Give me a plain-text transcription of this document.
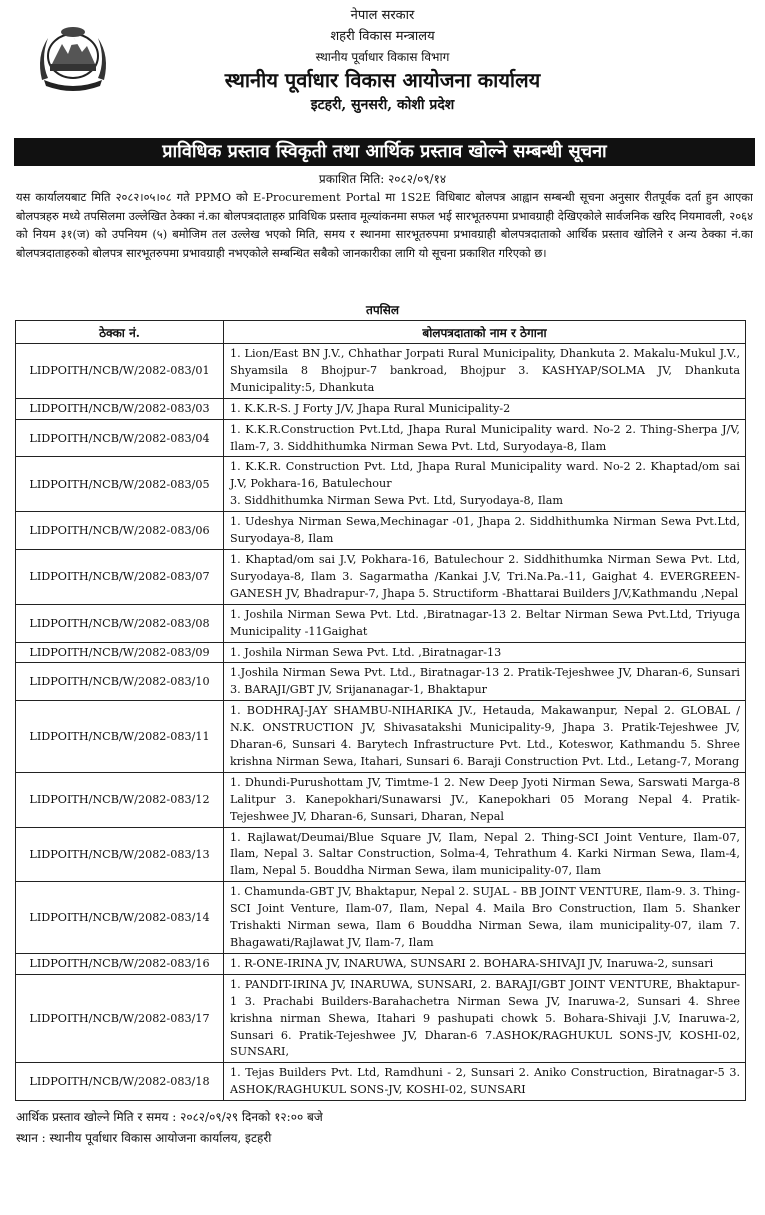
नेपाल सरकार
शहरी विकास मन्त्रालय
स्थानीय पूर्वाधार विकास विभाग
स्थानीय पूर्वाधार विकास आयोजना कार्यालय
इटहरी, सुनसरी, कोशी प्रदेश
प्राविधिक प्रस्ताव स्विकृती तथा आर्थिक प्रस्ताव खोल्ने सम्बन्धी सूचना
प्रकाशित मिति: २०८२/०९/१४
यस कार्यालयबाट मिति २०८२।०५।०८ गते PPMO को E-Procurement Portal मा 1S2E विधिबाट बोलपत्र आह्वान सम्बन्धी सूचना अनुसार रीतपूर्वक दर्ता हुन आएका बोलपत्रहरु मध्ये तपसिलमा उल्लेखित ठेक्का नं.का बोलपत्रदाताहरु प्राविधिक प्रस्ताव मूल्यांकनमा सफल भई सारभूतरुपमा प्रभावग्राही देखिएकोले सार्वजनिक खरिद नियमावली, २०६४ को नियम ३१(ज) को उपनियम (५) बमोजिम तल उल्लेख भएको मिति, समय र स्थानमा सारभूतरुपमा प्रभावग्राही बोलपत्रदाताको आर्थिक प्रस्ताव खोलिने र अन्य ठेक्का नं.का बोलपत्रदाताहरुको बोलपत्र सारभूतरुपमा प्रभावग्राही नभएकोले सम्बन्धित सबैको जानकारीका लागि यो सूचना प्रकाशित गरिएको छ।
तपसिल
ठेक्का नं.	बोलपत्रदाताको नाम र ठेगाना
LIDPOITH/NCB/W/2082-083/01	1. Lion/East BN J.V., Chhathar Jorpati Rural Municipality, Dhankuta 2. Makalu-Mukul J.V., Shyamsila 8 Bhojpur-7 bankroad, Bhojpur 3. KASHYAP/SOLMA JV, Dhankuta Municipality:5, Dhankuta
LIDPOITH/NCB/W/2082-083/03	1. K.K.R-S. J Forty J/V, Jhapa Rural Municipality-2
LIDPOITH/NCB/W/2082-083/04	1. K.K.R.Construction Pvt.Ltd, Jhapa Rural Municipality ward. No-2 2. Thing-Sherpa J/V, Ilam-7, 3. Siddhithumka Nirman Sewa Pvt. Ltd, Suryodaya-8, Ilam
LIDPOITH/NCB/W/2082-083/05	1. K.K.R. Construction Pvt. Ltd, Jhapa Rural Municipality ward. No-2 2. Khaptad/om sai J.V, Pokhara-16, Batulechour
3. Siddhithumka Nirman Sewa Pvt. Ltd, Suryodaya-8, Ilam
LIDPOITH/NCB/W/2082-083/06	1. Udeshya Nirman Sewa,Mechinagar -01, Jhapa 2. Siddhithumka Nirman Sewa Pvt.Ltd, Suryodaya-8, Ilam
LIDPOITH/NCB/W/2082-083/07	1. Khaptad/om sai J.V, Pokhara-16, Batulechour 2. Siddhithumka Nirman Sewa Pvt. Ltd, Suryodaya-8, Ilam 3. Sagarmatha /Kankai J.V, Tri.Na.Pa.-11, Gaighat 4. EVERGREEN-GANESH JV, Bhadrapur-7, Jhapa 5. Structiform -Bhattarai Builders J/V,Kathmandu ,Nepal
LIDPOITH/NCB/W/2082-083/08	1. Joshila Nirman Sewa Pvt. Ltd. ,Biratnagar-13 2. Beltar Nirman Sewa Pvt.Ltd, Triyuga Municipality -11Gaighat
LIDPOITH/NCB/W/2082-083/09	1. Joshila Nirman Sewa Pvt. Ltd. ,Biratnagar-13
LIDPOITH/NCB/W/2082-083/10	1.Joshila Nirman Sewa Pvt. Ltd., Biratnagar-13 2. Pratik-Tejeshwee JV, Dharan-6, Sunsari 3. BARAJI/GBT JV, Srijananagar-1, Bhaktapur
LIDPOITH/NCB/W/2082-083/11	1. BODHRAJ-JAY SHAMBU-NIHARIKA JV., Hetauda, Makawanpur, Nepal 2. GLOBAL / N.K. ONSTRUCTION JV, Shivasatakshi Municipality-9, Jhapa 3. Pratik-Tejeshwee JV, Dharan-6, Sunsari 4. Barytech Infrastructure Pvt. Ltd., Koteswor, Kathmandu 5. Shree krishna Nirman Sewa, Itahari, Sunsari 6. Baraji Construction Pvt. Ltd., Letang-7, Morang
LIDPOITH/NCB/W/2082-083/12	1. Dhundi-Purushottam JV, Timtme-1 2. New Deep Jyoti Nirman Sewa, Sarswati Marga-8 Lalitpur 3. Kanepokhari/Sunawarsi JV., Kanepokhari 05 Morang Nepal 4. Pratik-Tejeshwee JV, Dharan-6, Sunsari, Dharan, Nepal
LIDPOITH/NCB/W/2082-083/13	1. Rajlawat/Deumai/Blue Square JV, Ilam, Nepal 2. Thing-SCI Joint Venture, Ilam-07, Ilam, Nepal 3. Saltar Construction, Solma-4, Tehrathum 4. Karki Nirman Sewa, Ilam-4, Ilam, Nepal 5. Bouddha Nirman Sewa, ilam municipality-07, Ilam
LIDPOITH/NCB/W/2082-083/14	1. Chamunda-GBT JV, Bhaktapur, Nepal 2. SUJAL - BB JOINT VENTURE, Ilam-9. 3. Thing-SCI Joint Venture, Ilam-07, Ilam, Nepal 4. Maila Bro Construction, Ilam 5. Shanker Trishakti Nirman sewa, Ilam 6 Bouddha Nirman Sewa, ilam municipality-07, ilam 7. Bhagawati/Rajlawat JV, Ilam-7, Ilam
LIDPOITH/NCB/W/2082-083/16	1. R-ONE-IRINA JV, INARUWA, SUNSARI 2. BOHARA-SHIVAJI JV, Inaruwa-2, sunsari
LIDPOITH/NCB/W/2082-083/17	1. PANDIT-IRINA JV, INARUWA, SUNSARI, 2. BARAJI/GBT JOINT VENTURE, Bhaktapur-1 3. Prachabi Builders-Barahachetra Nirman Sewa JV, Inaruwa-2, Sunsari 4. Shree krishna nirman Shewa, Itahari 9 pashupati chowk 5. Bohara-Shivaji J.V, Inaruwa-2, Sunsari 6. Pratik-Tejeshwee JV, Dharan-6 7.ASHOK/RAGHUKUL SONS-JV, KOSHI-02, SUNSARI,
LIDPOITH/NCB/W/2082-083/18	1. Tejas Builders Pvt. Ltd, Ramdhuni - 2, Sunsari 2. Aniko Construction, Biratnagar-5 3. ASHOK/RAGHUKUL SONS-JV, KOSHI-02, SUNSARI
आर्थिक प्रस्ताव खोल्ने मिति र समय : २०८२/०९/२९ दिनको १२:०० बजे
स्थान : स्थानीय पूर्वाधार विकास आयोजना कार्यालय, इटहरी
